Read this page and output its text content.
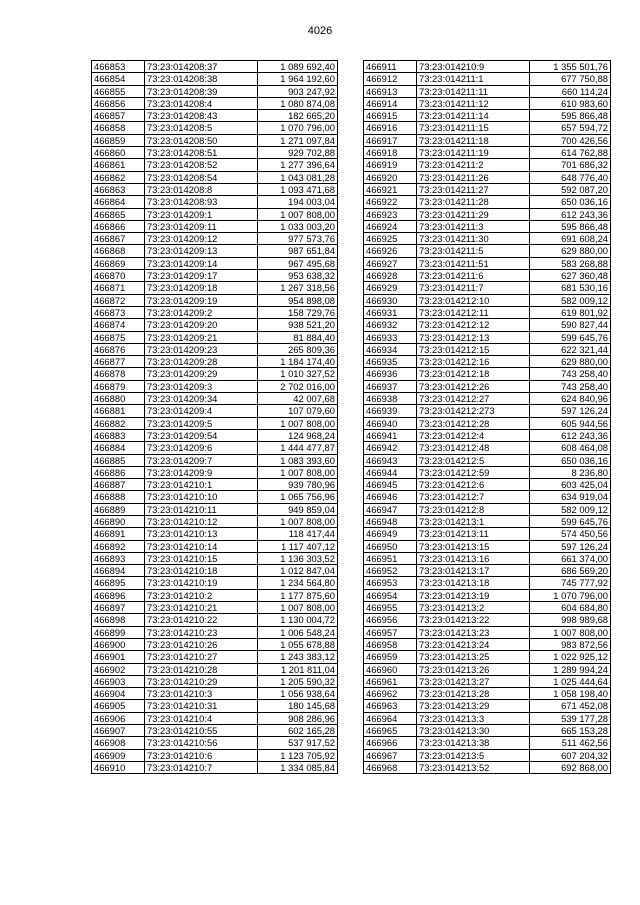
4026
466853	73:23:014208:37	1 089 692,40
466854	73:23:014208:38	1 964 192,60
466855	73:23:014208:39	903 247,92
466856	73:23:014208:4	1 080 874,08
466857	73:23:014208:43	182 665,20
466858	73:23:014208:5	1 070 796,00
466859	73:23:014208:50	1 271 097,84
466860	73:23:014208:51	929 702,88
466861	73:23:014208:52	1 277 396,64
466862	73:23:014208:54	1 043 081,28
466863	73:23:014208:8	1 093 471,68
466864	73:23:014208:93	194 003,04
466865	73:23:014209:1	1 007 808,00
466866	73:23:014209:11	1 033 003,20
466867	73:23:014209:12	977 573,76
466868	73:23:014209:13	987 651,84
466869	73:23:014209:14	967 495,68
466870	73:23:014209:17	953 638,32
466871	73:23:014209:18	1 267 318,56
466872	73:23:014209:19	954 898,08
466873	73:23:014209:2	158 729,76
466874	73:23:014209:20	938 521,20
466875	73:23:014209:21	81 884,40
466876	73:23:014209:23	265 809,36
466877	73:23:014209:28	1 184 174,40
466878	73:23:014209:29	1 010 327,52
466879	73:23:014209:3	2 702 016,00
466880	73:23:014209:34	42 007,68
466881	73:23:014209:4	107 079,60
466882	73:23:014209:5	1 007 808,00
466883	73:23:014209:54	124 968,24
466884	73:23:014209:6	1 444 477,87
466885	73:23:014209:7	1 083 393,60
466886	73:23:014209:9	1 007 808,00
466887	73:23:014210:1	939 780,96
466888	73:23:014210:10	1 065 756,96
466889	73:23:014210:11	949 859,04
466890	73:23:014210:12	1 007 808,00
466891	73:23:014210:13	118 417,44
466892	73:23:014210:14	1 117 407,12
466893	73:23:014210:15	1 136 303,52
466894	73:23:014210:18	1 012 847,04
466895	73:23:014210:19	1 234 564,80
466896	73:23:014210:2	1 177 875,60
466897	73:23:014210:21	1 007 808,00
466898	73:23:014210:22	1 130 004,72
466899	73:23:014210:23	1 006 548,24
466900	73:23:014210:26	1 055 678,88
466901	73:23:014210:27	1 243 383,12
466902	73:23:014210:28	1 201 811,04
466903	73:23:014210:29	1 205 590,32
466904	73:23:014210:3	1 056 938,64
466905	73:23:014210:31	180 145,68
466906	73:23:014210:4	908 286,96
466907	73:23:014210:55	602 165,28
466908	73:23:014210:56	537 917,52
466909	73:23:014210:6	1 123 705,92
466910	73:23:014210:7	1 334 085,84
466911	73:23:014210:9	1 355 501,76
466912	73:23:014211:1	677 750,88
466913	73:23:014211:11	660 114,24
466914	73:23:014211:12	610 983,60
466915	73:23:014211:14	595 866,48
466916	73:23:014211:15	657 594,72
466917	73:23:014211:18	700 426,56
466918	73:23:014211:19	614 762,88
466919	73:23:014211:2	701 686,32
466920	73:23:014211:26	648 776,40
466921	73:23:014211:27	592 087,20
466922	73:23:014211:28	650 036,16
466923	73:23:014211:29	612 243,36
466924	73:23:014211:3	595 866,48
466925	73:23:014211:30	691 608,24
466926	73:23:014211:5	629 880,00
466927	73:23:014211:51	583 268,88
466928	73:23:014211:6	627 360,48
466929	73:23:014211:7	681 530,16
466930	73:23:014212:10	582 009,12
466931	73:23:014212:11	619 801,92
466932	73:23:014212:12	590 827,44
466933	73:23:014212:13	599 645,76
466934	73:23:014212:15	622 321,44
466935	73:23:014212:16	629 880,00
466936	73:23:014212:18	743 258,40
466937	73:23:014212:26	743 258,40
466938	73:23:014212:27	624 840,96
466939	73:23:014212:273	597 126,24
466940	73:23:014212:28	605 944,56
466941	73:23:014212:4	612 243,36
466942	73:23:014212:48	608 464,08
466943	73:23:014212:5	650 036,16
466944	73:23:014212:59	8 236,80
466945	73:23:014212:6	603 425,04
466946	73:23:014212:7	634 919,04
466947	73:23:014212:8	582 009,12
466948	73:23:014213:1	599 645,76
466949	73:23:014213:11	574 450,56
466950	73:23:014213:15	597 126,24
466951	73:23:014213:16	661 374,00
466952	73:23:014213:17	686 569,20
466953	73:23:014213:18	745 777,92
466954	73:23:014213:19	1 070 796,00
466955	73:23:014213:2	604 684,80
466956	73:23:014213:22	998 989,68
466957	73:23:014213:23	1 007 808,00
466958	73:23:014213:24	983 872,56
466959	73:23:014213:25	1 022 925,12
466960	73:23:014213:26	1 289 994,24
466961	73:23:014213:27	1 025 444,64
466962	73:23:014213:28	1 058 198,40
466963	73:23:014213:29	671 452,08
466964	73:23:014213:3	539 177,28
466965	73:23:014213:30	665 153,28
466966	73:23:014213:38	511 462,56
466967	73:23:014213:5	607 204,32
466968	73:23:014213:52	692 868,00
